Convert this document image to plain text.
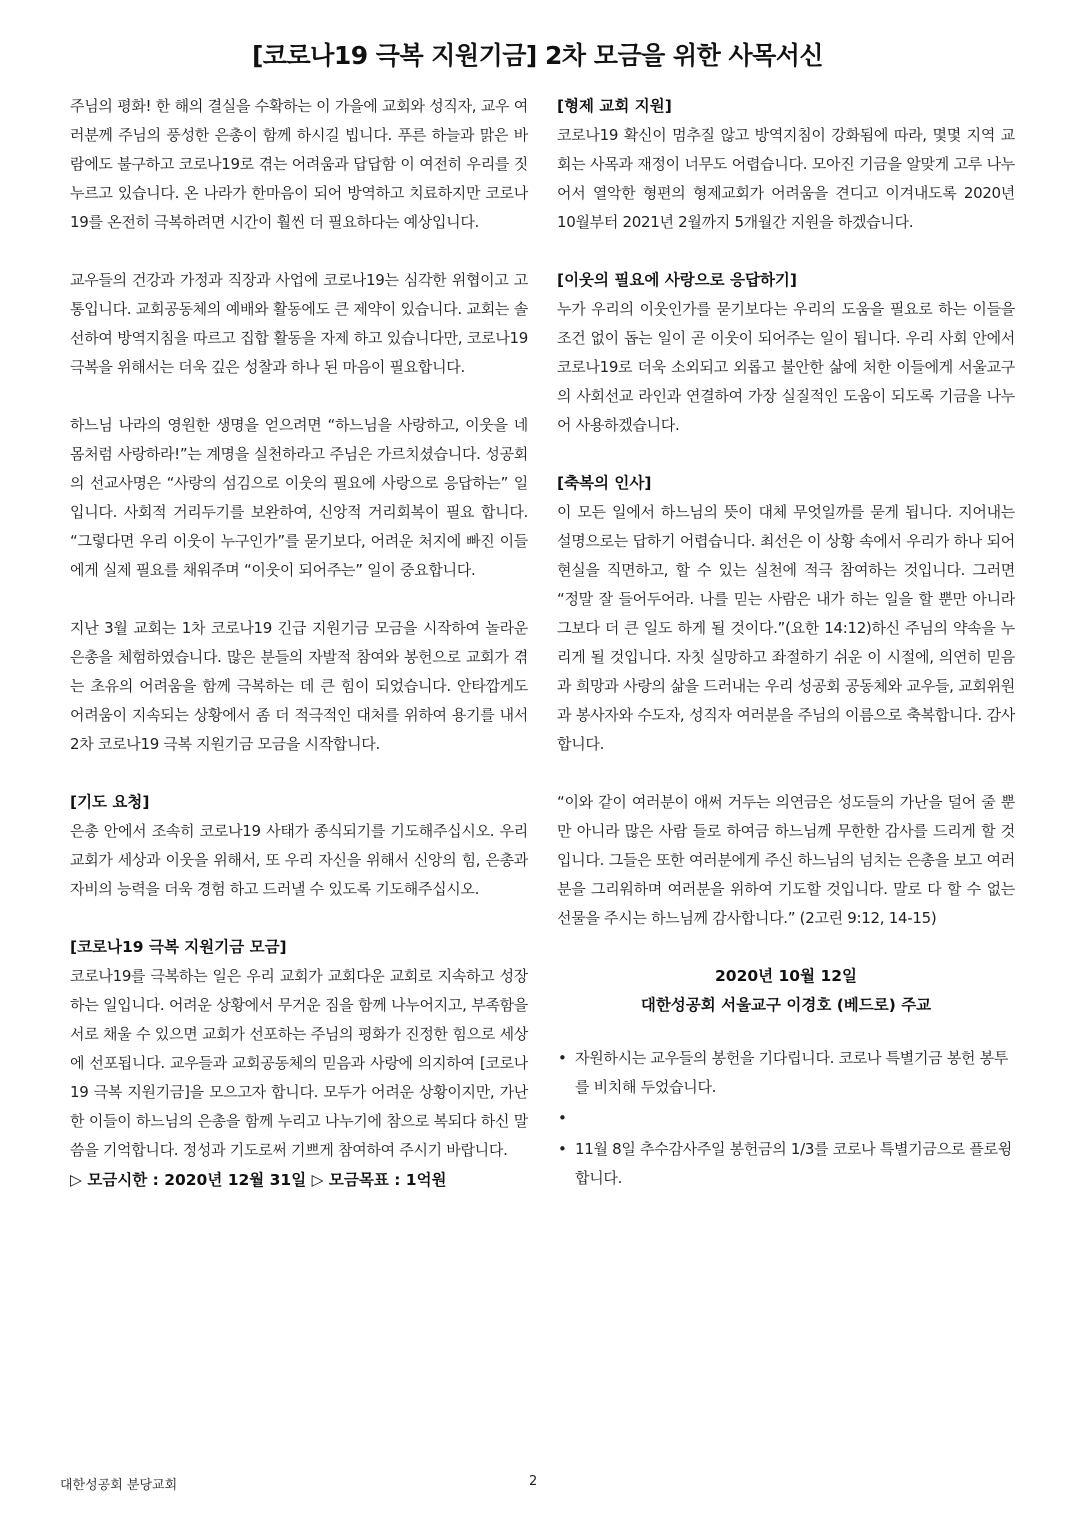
[코로나19 극복 지원기금] 2차 모금을 위한 사목서신

주님의 평화! 한 해의 결실을 수확하는 이 가을에 교회와 성직자, 교우 여러분께 주님의 풍성한 은총이 함께 하시길 빕니다. 푸른 하늘과 맑은 바람에도 불구하고 코로나19로 겪는 어려움과 답답함 이 여전히 우리를 짓누르고 있습니다. 온 나라가 한마음이 되어 방역하고 치료하지만 코로나 19를 온전히 극복하려면 시간이 훨씬 더 필요하다는 예상입니다.

교우들의 건강과 가정과 직장과 사업에 코로나19는 심각한 위협이고 고통입니다. 교회공동체의 예배와 활동에도 큰 제약이 있습니다. 교회는 솔선하여 방역지침을 따르고 집합 활동을 자제 하고 있습니다만, 코로나19 극복을 위해서는 더욱 깊은 성찰과 하나 된 마음이 필요합니다.

하느님 나라의 영원한 생명을 얻으려면 “하느님을 사랑하고, 이웃을 네 몸처럼 사랑하라!”는 계명을 실천하라고 주님은 가르치셨습니다. 성공회의 선교사명은 “사랑의 섬김으로 이웃의 필요에 사랑으로 응답하는” 일입니다. 사회적 거리두기를 보완하여, 신앙적 거리회복이 필요 합니다. “그렇다면 우리 이웃이 누구인가”를 묻기보다, 어려운 처지에 빠진 이들에게 실제 필요를 채워주며 “이웃이 되어주는” 일이 중요합니다.

지난 3월 교회는 1차 코로나19 긴급 지원기금 모금을 시작하여 놀라운 은총을 체험하였습니다. 많은 분들의 자발적 참여와 봉헌으로 교회가 겪는 초유의 어려움을 함께 극복하는 데 큰 힘이 되었습니다. 안타깝게도 어려움이 지속되는 상황에서 좀 더 적극적인 대처를 위하여 용기를 내서 2차 코로나19 극복 지원기금 모금을 시작합니다.

[기도 요청]

은총 안에서 조속히 코로나19 사태가 종식되기를 기도해주십시오. 우리 교회가 세상과 이웃을 위해서, 또 우리 자신을 위해서 신앙의 힘, 은총과 자비의 능력을 더욱 경험 하고 드러낼 수 있도록 기도해주십시오.

[코로나19 극복 지원기금 모금]

코로나19를 극복하는 일은 우리 교회가 교회다운 교회로 지속하고 성장하는 일입니다. 어려운 상황에서 무거운 짐을 함께 나누어지고, 부족함을 서로 채울 수 있으면 교회가 선포하는 주님의 평화가 진정한 힘으로 세상에 선포됩니다. 교우들과 교회공동체의 믿음과 사랑에 의지하여 [코로나19 극복 지원기금]을 모으고자 합니다. 모두가 어려운 상황이지만, 가난한 이들이 하느님의 은총을 함께 누리고 나누기에 참으로 복되다 하신 말씀을 기억합니다. 정성과 기도로써 기쁘게 참여하여 주시기 바랍니다.

▷ 모금시한 : 2020년 12월 31일 ▷ 모금목표 : 1억원

[형제 교회 지원]

코로나19 확신이 멈추질 않고 방역지침이 강화됨에 따라, 몇몇 지역 교회는 사목과 재정이 너무도 어렵습니다. 모아진 기금을 알맞게 고루 나누어서 열악한 형편의 형제교회가 어려움을 견디고 이겨내도록 2020년 10월부터 2021년 2월까지 5개월간 지원을 하겠습니다.

[이웃의 필요에 사랑으로 응답하기]

누가 우리의 이웃인가를 묻기보다는 우리의 도움을 필요로 하는 이들을 조건 없이 돕는 일이 곧 이웃이 되어주는 일이 됩니다. 우리 사회 안에서 코로나19로 더욱 소외되고 외롭고 불안한 삶에 처한 이들에게 서울교구의 사회선교 라인과 연결하여 가장 실질적인 도움이 되도록 기금을 나누어 사용하겠습니다.

[축복의 인사]

이 모든 일에서 하느님의 뜻이 대체 무엇일까를 묻게 됩니다. 지어내는 설명으로는 답하기 어렵습니다. 최선은 이 상황 속에서 우리가 하나 되어 현실을 직면하고, 할 수 있는 실천에 적극 참여하는 것입니다. 그러면 “정말 잘 들어두어라. 나를 믿는 사람은 내가 하는 일을 할 뿐만 아니라 그보다 더 큰 일도 하게 될 것이다.”(요한 14:12)하신 주님의 약속을 누리게 될 것입니다. 자칫 실망하고 좌절하기 쉬운 이 시절에, 의연히 믿음과 희망과 사랑의 삶을 드러내는 우리 성공회 공동체와 교우들, 교회위원과 봉사자와 수도자, 성직자 여러분을 주님의 이름으로 축복합니다. 감사합니다.

“이와 같이 여러분이 애써 거두는 의연금은 성도들의 가난을 덜어 줄 뿐만 아니라 많은 사람 들로 하여금 하느님께 무한한 감사를 드리게 할 것입니다. 그들은 또한 여러분에게 주신 하느님의 넘치는 은총을 보고 여러분을 그리워하며 여러분을 위하여 기도할 것입니다. 말로 다 할 수 없는 선물을 주시는 하느님께 감사합니다.” (2고린 9:12, 14-15)

2020년 10월 12일
대한성공회 서울교구 이경호 (베드로) 주교
• 자원하시는 교우들의 봉헌을 기다립니다. 코로나 특별기금 봉헌 봉투를 비치해 두었습니다.
•
• 11월 8일 추수감사주일 봉헌금의 1/3를 코로나 특별기금으로 플로윙합니다.
대한성공회 분당교회	2
